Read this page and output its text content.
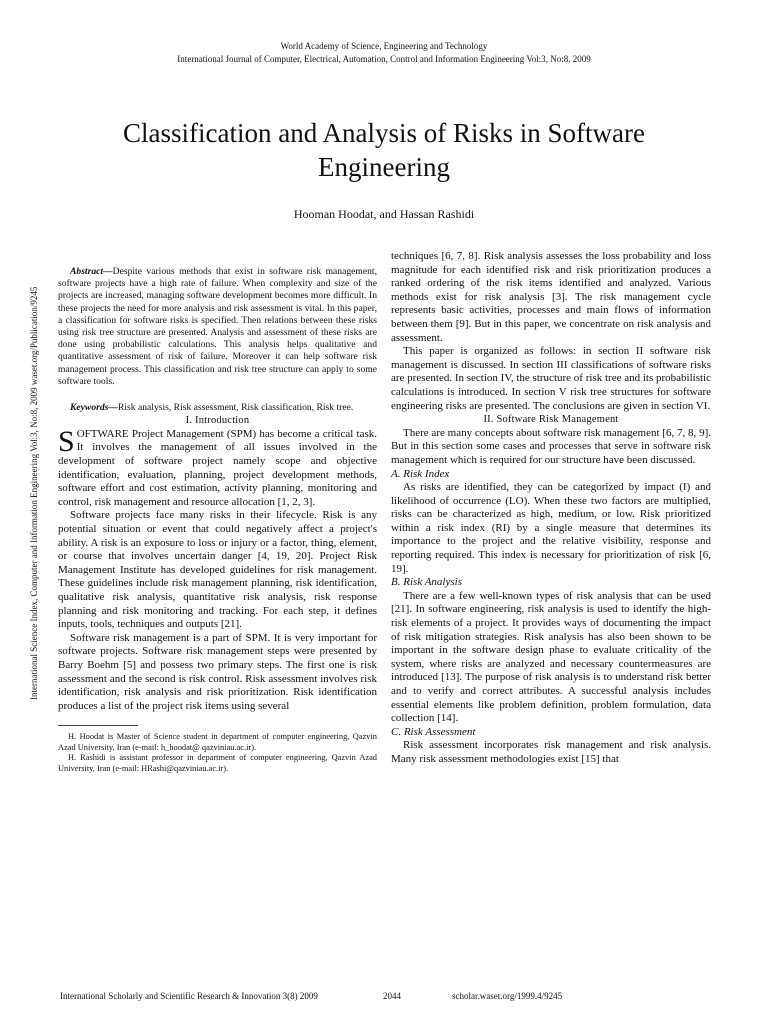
World Academy of Science, Engineering and Technology
International Journal of Computer, Electrical, Automation, Control and Information Engineering Vol:3, No:8, 2009
Classification and Analysis of Risks in Software
Engineering
Hooman Hoodat, and Hassan Rashidi
International Science Index, Computer and Information Engineering Vol:3, No:8, 2009 waset.org/Publication/9245

Abstract—Despite various methods that exist in software risk management, software projects have a high rate of failure. When complexity and size of the projects are increased, managing software development becomes more difficult. In these projects the need for more analysis and risk assessment is vital. In this paper, a classification for software risks is specified. Then relations between these risks using risk tree structure are presented. Analysis and assessment of these risks are done using probabilistic calculations. This analysis helps qualitative and quantitative assessment of risk of failure. Moreover it can help software risk management process. This classification and risk tree structure can apply to some software tools.

Keywords—Risk analysis, Risk assessment, Risk classification, Risk tree.

I. Introduction

SOFTWARE Project Management (SPM) has become a critical task. It involves the management of all issues involved in the development of software project namely scope and objective identification, evaluation, planning, project development methods, software effort and cost estimation, activity planning, monitoring and control, risk management and resource allocation [1, 2, 3].

Software projects face many risks in their lifecycle. Risk is any potential situation or event that could negatively affect a project's ability. A risk is an exposure to loss or injury or a factor, thing, element, or course that involves uncertain danger [4, 19, 20]. Project Risk Management Institute has developed guidelines for risk management. These guidelines include risk management planning, risk identification, qualitative risk analysis, quantitative risk analysis, risk response planning and risk monitoring and tracking. For each step, it defines inputs, tools, techniques and outputs [21].

Software risk management is a part of SPM. It is very important for software projects. Software risk management steps were presented by Barry Boehm [5] and possess two primary steps. The first one is risk assessment and the second is risk control. Risk assessment involves risk identification, risk analysis and risk prioritization. Risk identification produces a list of the project risk items using several

H. Hoodat is Master of Science student in department of computer engineering, Qazvin Azad University, Iran (e-mail: h_hoodat@ qazviniau.ac.ir).

H. Rashidi is assistant professor in department of computer engineering, Qazvin Azad University, Iran (e-mail: HRashi@qazviniau.ac.ir).

techniques [6, 7, 8]. Risk analysis assesses the loss probability and loss magnitude for each identified risk and risk prioritization produces a ranked ordering of the risk items identified and analyzed. Various methods exist for risk analysis [3]. The risk management cycle represents basic activities, processes and main flows of information between them [9]. But in this paper, we concentrate on risk analysis and assessment.

This paper is organized as follows: in section II software risk management is discussed. In section III classifications of software risks are presented. In section IV, the structure of risk tree and its probabilistic calculations is introduced. In section V risk tree structures for software engineering risks are presented. The conclusions are given in section VI.

II. Software Risk Management

There are many concepts about software risk management [6, 7, 8, 9]. But in this section some cases and processes that serve in software risk management which is required for our structure have been discussed.

A. Risk Index

As risks are identified, they can be categorized by impact (I) and likelihood of occurrence (LO). When these two factors are multiplied, risks can be characterized as high, medium, or low. Risk prioritized within a risk index (RI) by a single measure that determines its importance to the project and the relative visibility, response and reporting required. This index is necessary for prioritization of risk [6, 19].

B. Risk Analysis

There are a few well-known types of risk analysis that can be used [21]. In software engineering, risk analysis is used to identify the high-risk elements of a project. It provides ways of documenting the impact of risk mitigation strategies. Risk analysis has also been shown to be important in the software design phase to evaluate criticality of the system, where risks are analyzed and necessary countermeasures are introduced [13]. The purpose of risk analysis is to understand risk better and to verify and correct attributes. A successful analysis includes essential elements like problem definition, problem formulation, data collection [14].

C. Risk Assessment

Risk assessment incorporates risk management and risk analysis. Many risk assessment methodologies exist [15] that

International Scholarly and Scientific Research & Innovation 3(8) 2009	2044	scholar.waset.org/1999.4/9245
